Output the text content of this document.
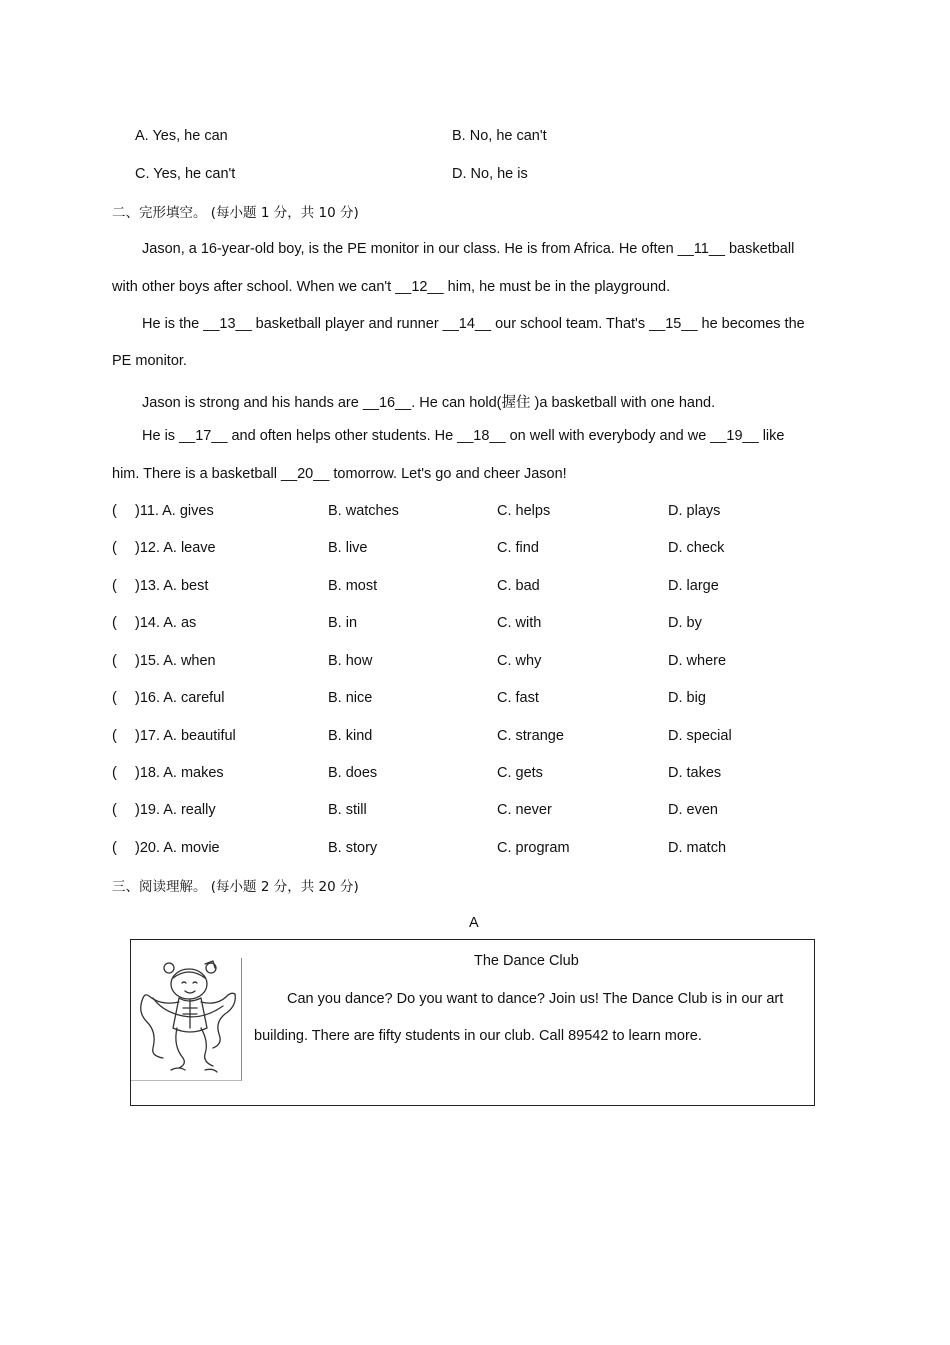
A. Yes, he can	B. No, he can't
C. Yes, he can't	D. No, he is
二、完形填空。 (每小题 1 分，共 10 分)
Jason, a 16-year-old boy, is the PE monitor in our class. He is from Africa. He often __11__ basketball
with other boys after school. When we can't __12__ him, he must be in the playground.
He is the __13__ basketball player and runner __14__ our school team. That's __15__ he becomes the
PE monitor.
Jason is strong and his hands are __16__. He can hold(握住 )a basketball with one hand.
He is __17__ and often helps other students. He __18__ on well with everybody and we __19__ like
him. There is a basketball __20__ tomorrow. Let's go and cheer Jason!
( )11. A. gives	B. watches	C. helps	D. plays
( )12. A. leave	B. live	C. find	D. check
( )13. A. best	B. most	C. bad	D. large
( )14. A. as	B. in	C. with	D. by
( )15. A. when	B. how	C. why	D. where
( )16. A. careful	B. nice	C. fast	D. big
( )17. A. beautiful	B. kind	C. strange	D. special
( )18. A. makes	B. does	C. gets	D. takes
( )19. A. really	B. still	C. never	D. even
( )20. A. movie	B. story	C. program	D. match
三、阅读理解。 (每小题 2 分，共 20 分)
A
The Dance Club
Can you dance? Do you want to dance? Join us! The Dance Club is in our art
building. There are fifty students in our club. Call 89542 to learn more.
